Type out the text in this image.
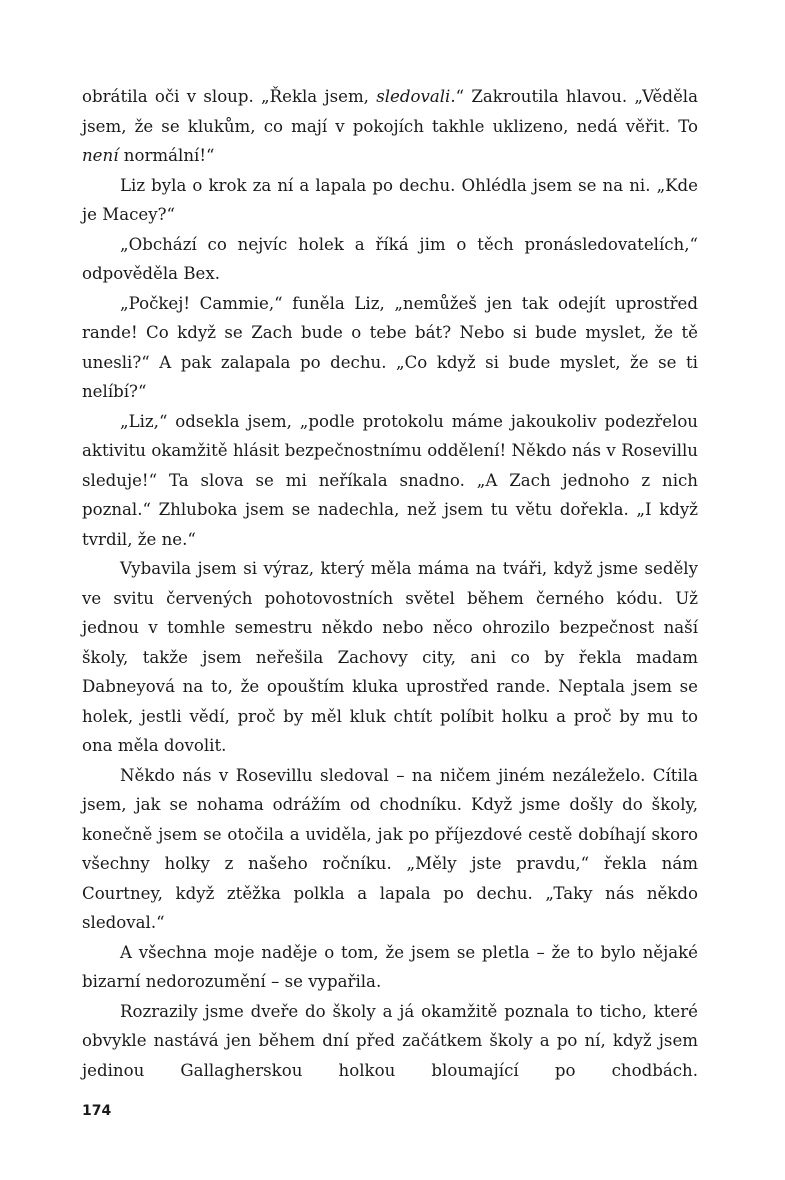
obrátila oči v sloup. „Řekla jsem, sledovali.“ Zakroutila hlavou. „Věděla jsem, že se klukům, co mají v pokojích takhle uklizeno, nedá věřit. To není normální!“

Liz byla o krok za ní a lapala po dechu. Ohlédla jsem se na ni. „Kde je Macey?“

„Obchází co nejvíc holek a říká jim o těch pronásledovatelích,“ odpověděla Bex.

„Počkej! Cammie,“ funěla Liz, „nemůžeš jen tak odejít uprostřed rande! Co když se Zach bude o tebe bát? Nebo si bude myslet, že tě unesli?“ A pak zalapala po dechu. „Co když si bude myslet, že se ti nelíbí?“

„Liz,“ odsekla jsem, „podle protokolu máme jakoukoliv podezřelou aktivitu okamžitě hlásit bezpečnostnímu oddělení! Někdo nás v Rosevillu sleduje!“ Ta slova se mi neříkala snadno. „A Zach jednoho z nich poznal.“ Zhluboka jsem se nadechla, než jsem tu větu dořekla. „I když tvrdil, že ne.“

Vybavila jsem si výraz, který měla máma na tváři, když jsme seděly ve svitu červených pohotovostních světel během černého kódu. Už jednou v tomhle semestru někdo nebo něco ohrozilo bezpečnost naší školy, takže jsem neřešila Zachovy city, ani co by řekla madam Dabneyová na to, že opouštím kluka uprostřed rande. Neptala jsem se holek, jestli vědí, proč by měl kluk chtít políbit holku a proč by mu to ona měla dovolit.

Někdo nás v Rosevillu sledoval – na ničem jiném nezáleželo. Cítila jsem, jak se nohama odrážím od chodníku. Když jsme došly do školy, konečně jsem se otočila a uviděla, jak po příjezdové cestě dobíhají skoro všechny holky z našeho ročníku. „Měly jste pravdu,“ řekla nám Courtney, když ztěžka polkla a lapala po dechu. „Taky nás někdo sledoval.“

A všechna moje naděje o tom, že jsem se pletla – že to bylo nějaké bizarní nedorozumění – se vypařila.

Rozrazily jsme dveře do školy a já okamžitě poznala to ticho, které obvykle nastává jen během dní před začátkem školy a po ní, když jsem jedinou Gallagherskou holkou bloumající po chodbách.

174
